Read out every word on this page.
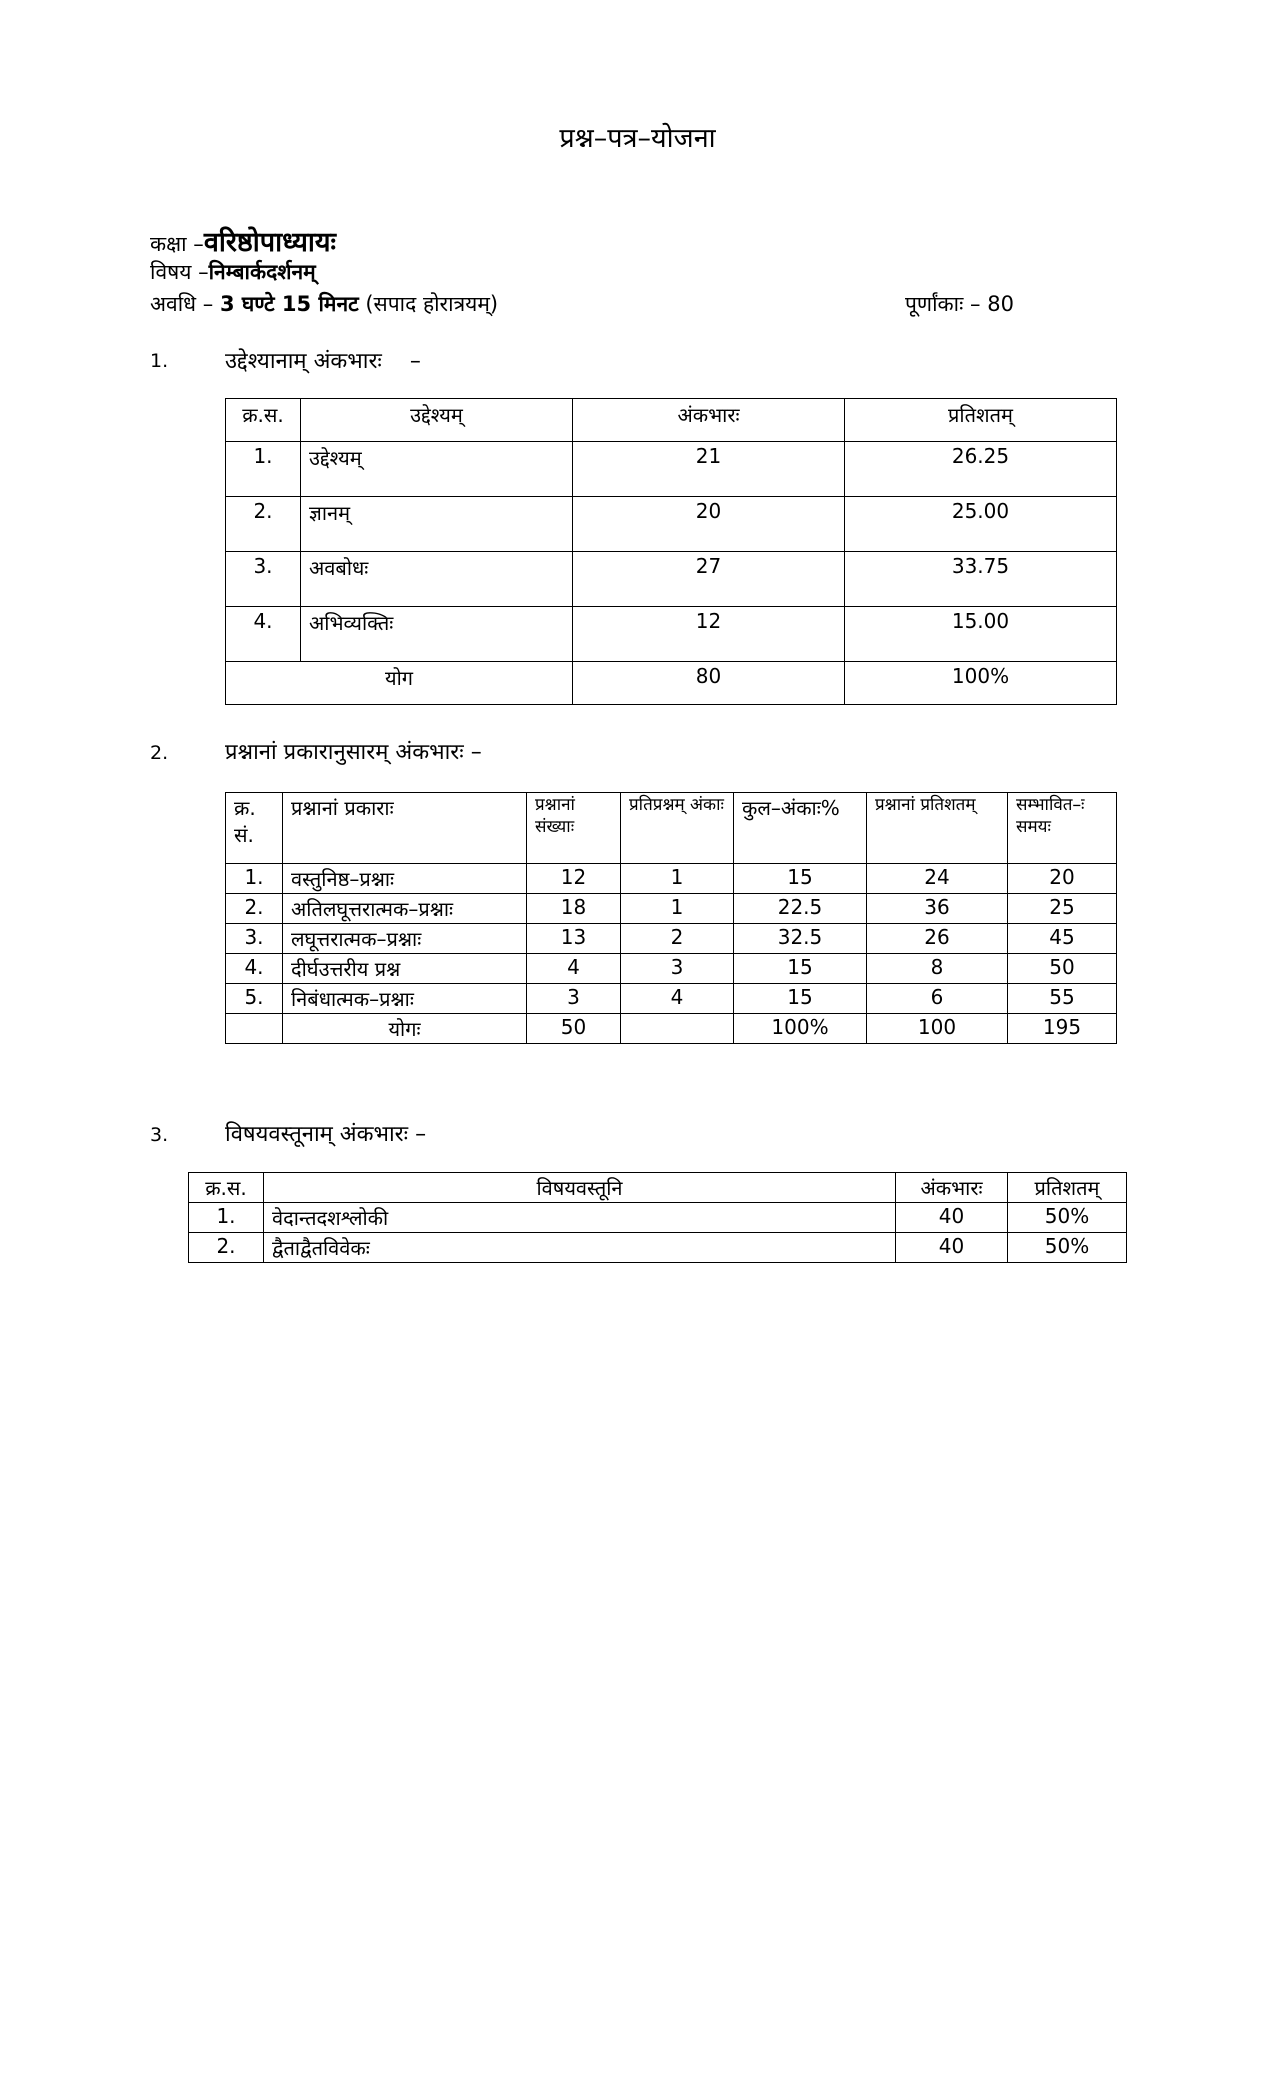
प्रश्न–पत्र–योजना
कक्षा –वरिष्ठोपाध्यायः
विषय –निम्बार्कदर्शनम्
अवधि – 3 घण्टे 15 मिनट (सपाद होरात्रयम्)	पूर्णांकाः – 80
1.	उद्देश्यानाम् अंकभारः    –
क्र.स.	उद्देश्यम्	अंकभारः	प्रतिशतम्
1.	उद्देश्यम्	21	26.25
2.	ज्ञानम्	20	25.00
3.	अवबोधः	27	33.75
4.	अभिव्यक्तिः	12	15.00
योग		80	100%
2.	प्रश्नानां प्रकारानुसारम् अंकभारः –
क्र. सं.	प्रश्नानां प्रकाराः	प्रश्नानां संख्याः	प्रतिप्रश्नम् अंकाः	कुल–अंकाः%	प्रश्नानां प्रतिशतम्	सम्भावित–ः समयः
1.	वस्तुनिष्ठ–प्रश्नाः	12	1	15	24	20
2.	अतिलघूत्तरात्मक–प्रश्नाः	18	1	22.5	36	25
3.	लघूत्तरात्मक–प्रश्नाः	13	2	32.5	26	45
4.	दीर्घउत्तरीय प्रश्न	4	3	15	8	50
5.	निबंधात्मक–प्रश्नाः	3	4	15	6	55
	योगः	50		100%	100	195
3.	विषयवस्तूनाम् अंकभारः –
क्र.स.	विषयवस्तूनि	अंकभारः	प्रतिशतम्
1.	वेदान्तदशश्लोकी	40	50%
2.	द्वैताद्वैतविवेकः	40	50%
